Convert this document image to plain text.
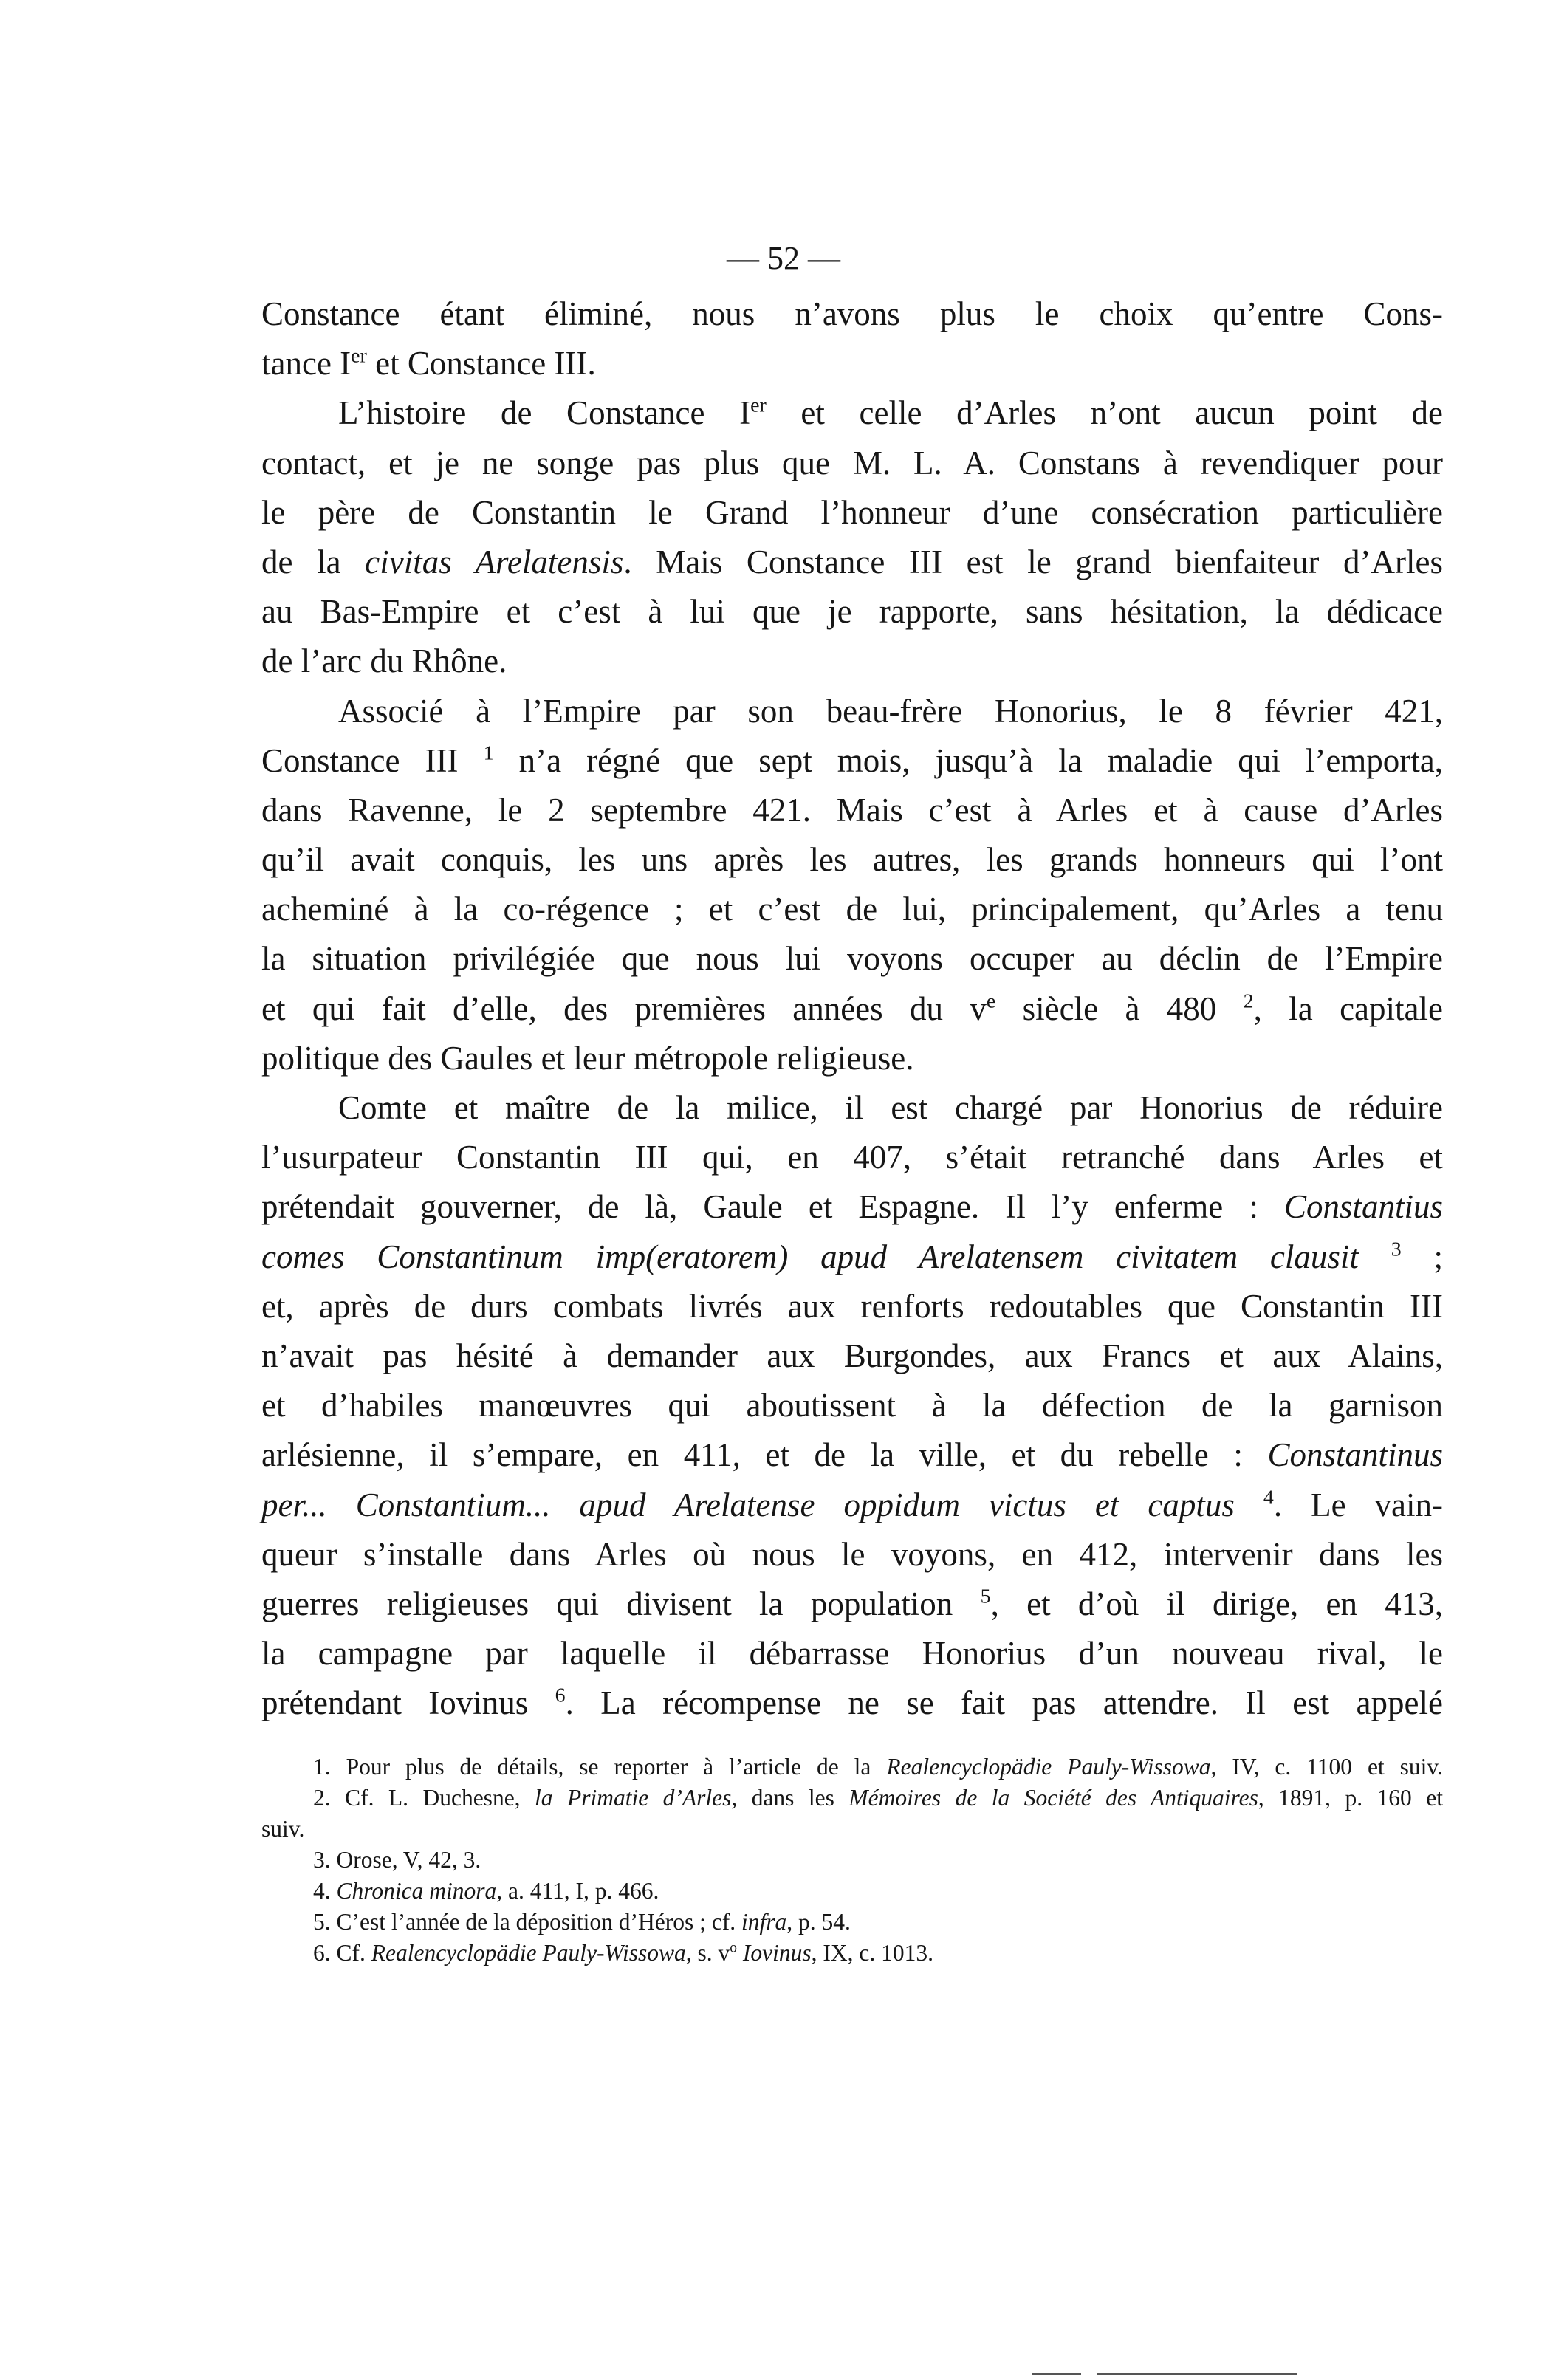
— 52 —
Constance étant éliminé, nous n’avons plus le choix qu’entre Cons-
tance Ier et Constance III.
L’histoire de Constance Ier et celle d’Arles n’ont aucun point de
contact, et je ne songe pas plus que M. L. A. Constans à revendiquer pour
le père de Constantin le Grand l’honneur d’une consécration particulière
de la civitas Arelatensis. Mais Constance III est le grand bienfaiteur d’Arles
au Bas-Empire et c’est à lui que je rapporte, sans hésitation, la dédicace
de l’arc du Rhône.
Associé à l’Empire par son beau-frère Honorius, le 8 février 421,
Constance III $^1$ n’a régné que sept mois, jusqu’à la maladie qui l’emporta,
dans Ravenne, le 2 septembre 421. Mais c’est à Arles et à cause d’Arles
qu’il avait conquis, les uns après les autres, les grands honneurs qui l’ont
acheminé à la co-régence ; et c’est de lui, principalement, qu’Arles a tenu
la situation privilégiée que nous lui voyons occuper au déclin de l’Empire
et qui fait d’elle, des premières années du $v^e$ siècle à 480 $^2$, la capitale
politique des Gaules et leur métropole religieuse.
Comte et maître de la milice, il est chargé par Honorius de réduire
l’usurpateur Constantin III qui, en 407, s’était retranché dans Arles et
prétendait gouverner, de là, Gaule et Espagne. Il l’y enferme : Constantius
comes Constantinum imp(eratorem) apud Arelatensem civitatem clausit $^3$ ;
et, après de durs combats livrés aux renforts redoutables que Constantin III
n’avait pas hésité à demander aux Burgondes, aux Francs et aux Alains,
et d’habiles manœuvres qui aboutissent à la défection de la garnison
arlésienne, il s’empare, en 411, et de la ville, et du rebelle : Constantinus
per... Constantium... apud Arelatense oppidum victus et captus $^4$. Le vain-
queur s’installe dans Arles où nous le voyons, en 412, intervenir dans les
guerres religieuses qui divisent la population $^5$, et d’où il dirige, en 413,
la campagne par laquelle il débarrasse Honorius d’un nouveau rival, le
prétendant Iovinus $^6$. La récompense ne se fait pas attendre. Il est appelé
1. Pour plus de détails, se reporter à l’article de la Realencyclopädie Pauly-Wissowa, IV, c. 1100 et suiv.
2. Cf. L. Duchesne, la Primatie d’Arles, dans les Mémoires de la Société des Antiquaires, 1891, p. 160 et
suiv.
3. Orose, V, 42, 3.
4. Chronica minora, a. 411, I, p. 466.
5. C’est l’année de la déposition d’Héros ; cf. infra, p. 54.
6. Cf. Realencyclopädie Pauly-Wissowa, s. $v^o$ Iovinus, IX, c. 1013.
